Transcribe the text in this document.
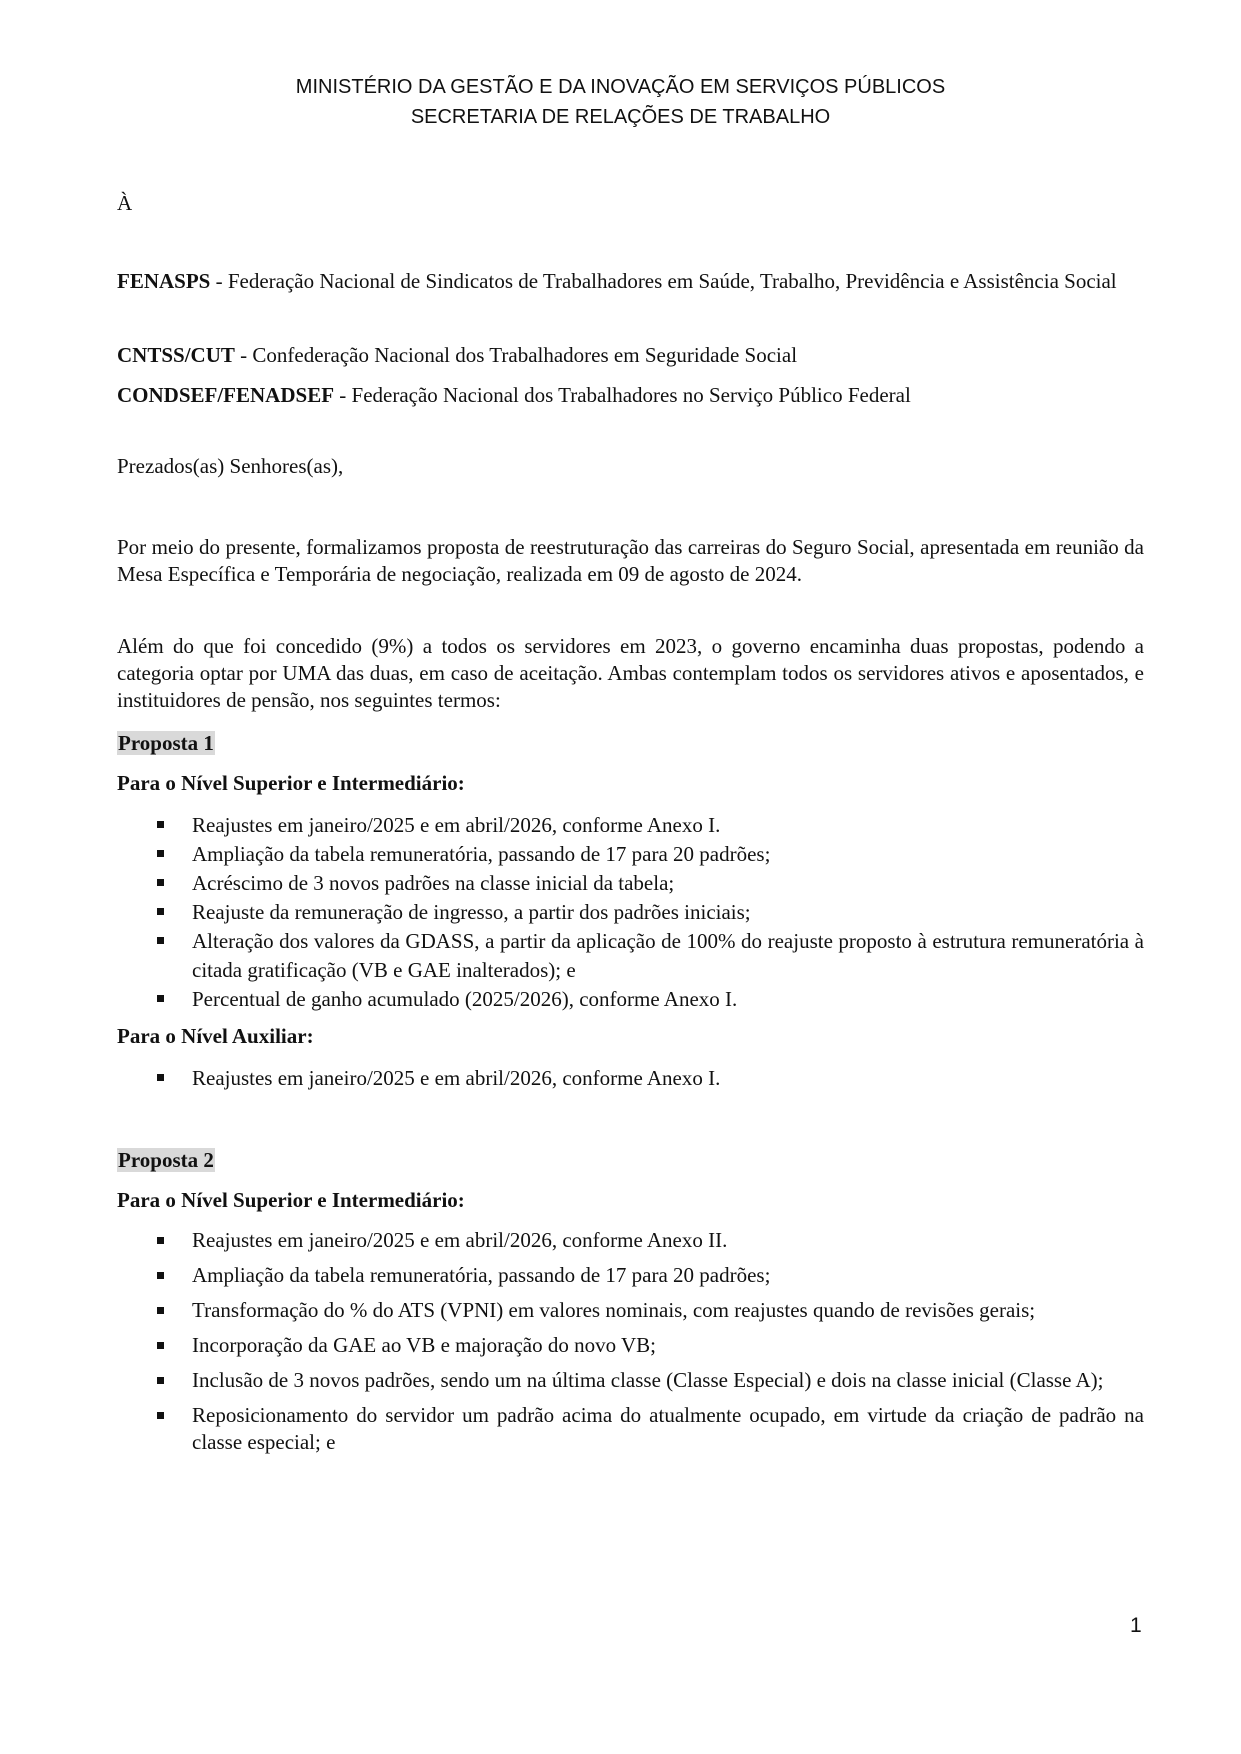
MINISTÉRIO DA GESTÃO E DA INOVAÇÃO EM SERVIÇOS PÚBLICOS
SECRETARIA DE RELAÇÕES DE TRABALHO
À
FENASPS - Federação Nacional de Sindicatos de Trabalhadores em Saúde, Trabalho, Previdência e Assistência Social
CNTSS/CUT - Confederação Nacional dos Trabalhadores em Seguridade Social
CONDSEF/FENADSEF - Federação Nacional dos Trabalhadores no Serviço Público Federal
Prezados(as) Senhores(as),
Por meio do presente, formalizamos proposta de reestruturação das carreiras do Seguro Social, apresentada em reunião da Mesa Específica e Temporária de negociação, realizada em 09 de agosto de 2024.
Além do que foi concedido (9%) a todos os servidores em 2023, o governo encaminha duas propostas, podendo a categoria optar por UMA das duas, em caso de aceitação. Ambas contemplam todos os servidores ativos e aposentados, e instituidores de pensão, nos seguintes termos:
Proposta 1
Para o Nível Superior e Intermediário:
Reajustes em janeiro/2025 e em abril/2026, conforme Anexo I.
Ampliação da tabela remuneratória, passando de 17 para 20 padrões;
Acréscimo de 3 novos padrões na classe inicial da tabela;
Reajuste da remuneração de ingresso, a partir dos padrões iniciais;
Alteração dos valores da GDASS, a partir da aplicação de 100% do reajuste proposto à estrutura remuneratória à citada gratificação (VB e GAE inalterados); e
Percentual de ganho acumulado (2025/2026), conforme Anexo I.
Para o Nível Auxiliar:
Reajustes em janeiro/2025 e em abril/2026, conforme Anexo I.
Proposta 2
Para o Nível Superior e Intermediário:
Reajustes em janeiro/2025 e em abril/2026, conforme Anexo II.
Ampliação da tabela remuneratória, passando de 17 para 20 padrões;
Transformação do % do ATS (VPNI) em valores nominais, com reajustes quando de revisões gerais;
Incorporação da GAE ao VB e majoração do novo VB;
Inclusão de 3 novos padrões, sendo um na última classe (Classe Especial) e dois na classe inicial (Classe A);
Reposicionamento do servidor um padrão acima do atualmente ocupado, em virtude da criação de padrão na classe especial; e
1
